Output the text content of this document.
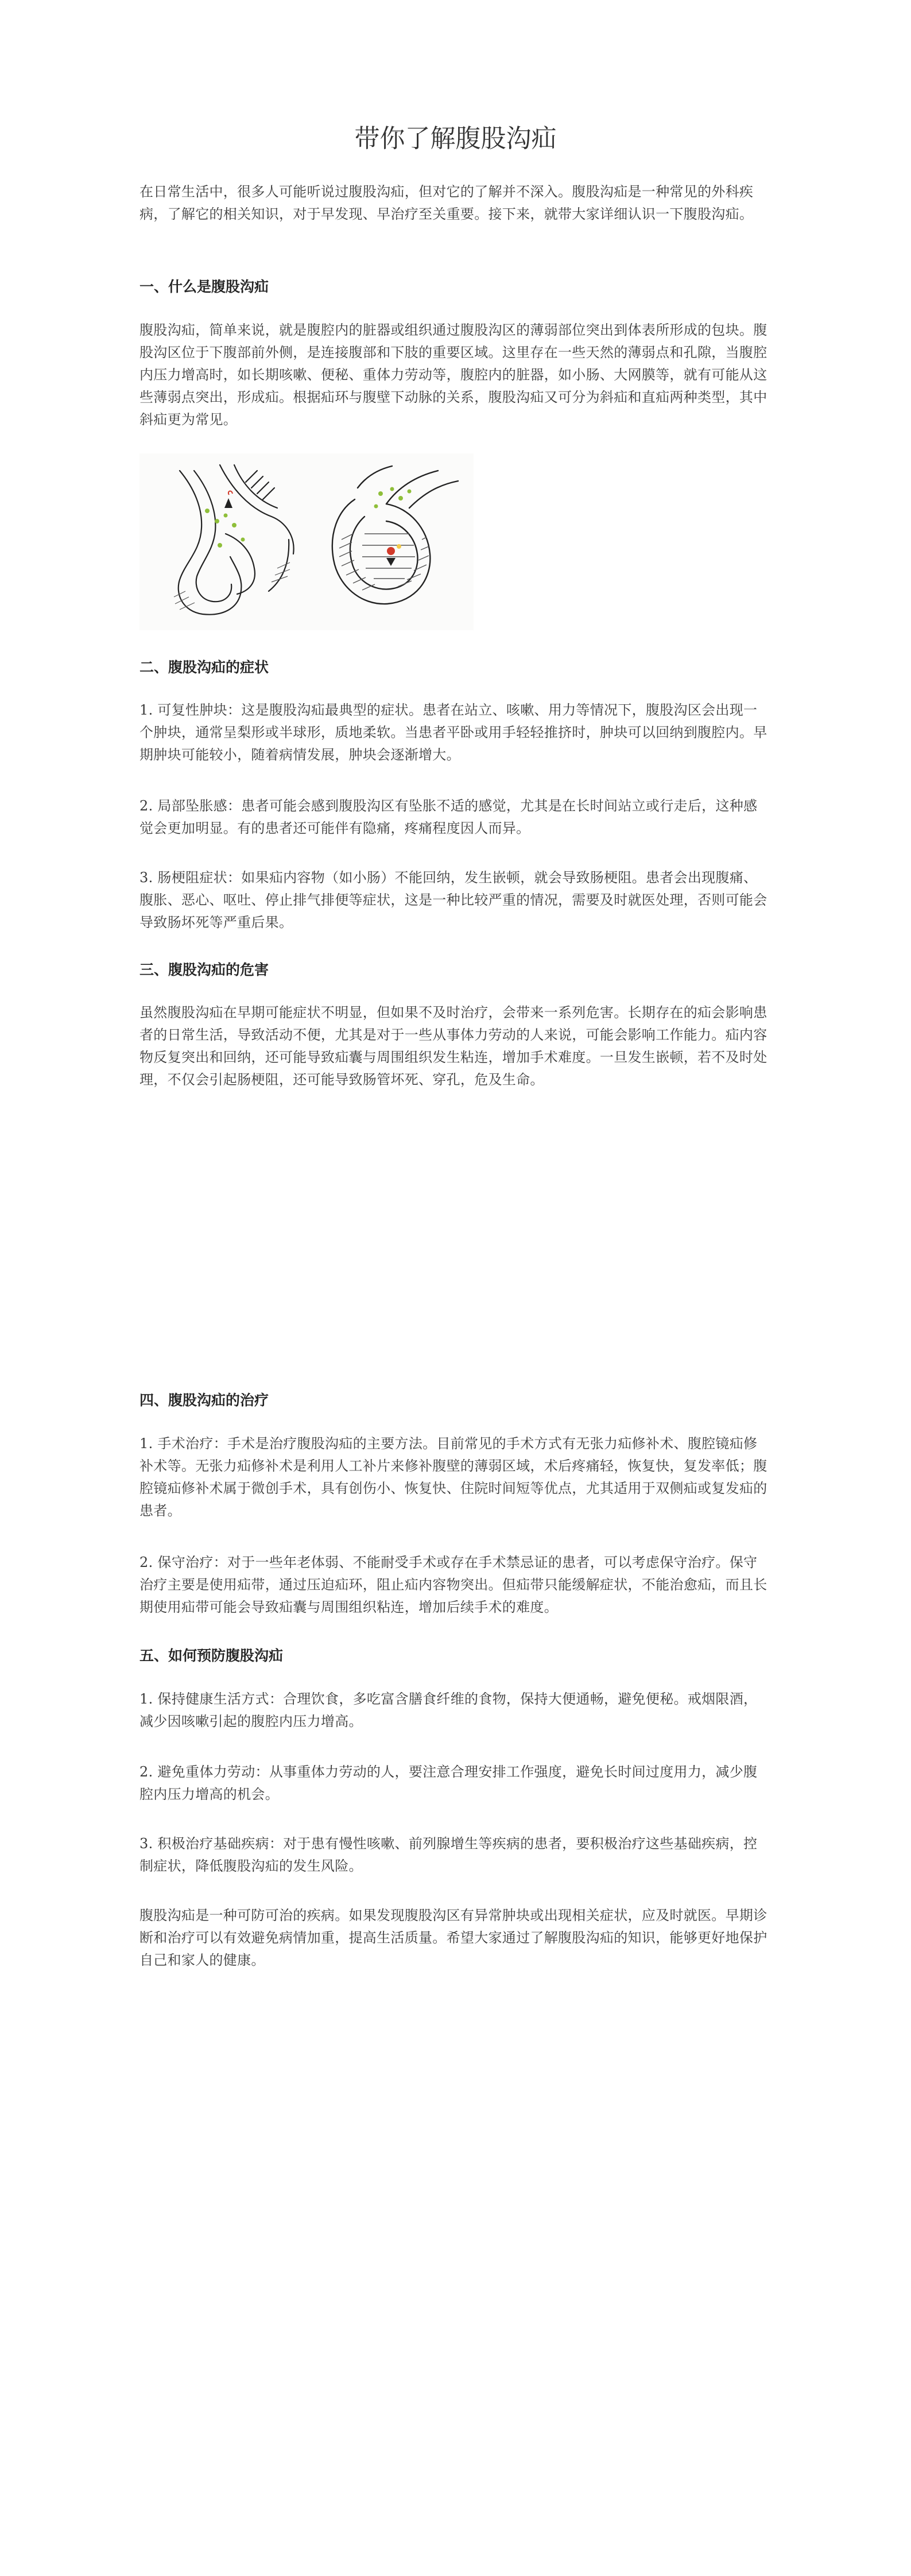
带你了解腹股沟疝

在日常生活中，很多人可能听说过腹股沟疝，但对它的了解并不深入。腹股沟疝是一种常见的外科疾病，了解它的相关知识，对于早发现、早治疗至关重要。接下来，就带大家详细认识一下腹股沟疝。

一、什么是腹股沟疝

腹股沟疝，简单来说，就是腹腔内的脏器或组织通过腹股沟区的薄弱部位突出到体表所形成的包块。腹股沟区位于下腹部前外侧，是连接腹部和下肢的重要区域。这里存在一些天然的薄弱点和孔隙，当腹腔内压力增高时，如长期咳嗽、便秘、重体力劳动等，腹腔内的脏器，如小肠、大网膜等，就有可能从这些薄弱点突出，形成疝。根据疝环与腹壁下动脉的关系，腹股沟疝又可分为斜疝和直疝两种类型，其中斜疝更为常见。

二、腹股沟疝的症状

1. 可复性肿块：这是腹股沟疝最典型的症状。患者在站立、咳嗽、用力等情况下，腹股沟区会出现一个肿块，通常呈梨形或半球形，质地柔软。当患者平卧或用手轻轻推挤时，肿块可以回纳到腹腔内。早期肿块可能较小，随着病情发展，肿块会逐渐增大。

2. 局部坠胀感：患者可能会感到腹股沟区有坠胀不适的感觉，尤其是在长时间站立或行走后，这种感觉会更加明显。有的患者还可能伴有隐痛，疼痛程度因人而异。

3. 肠梗阻症状：如果疝内容物（如小肠）不能回纳，发生嵌顿，就会导致肠梗阻。患者会出现腹痛、腹胀、恶心、呕吐、停止排气排便等症状，这是一种比较严重的情况，需要及时就医处理，否则可能会导致肠坏死等严重后果。

三、腹股沟疝的危害

虽然腹股沟疝在早期可能症状不明显，但如果不及时治疗，会带来一系列危害。长期存在的疝会影响患者的日常生活，导致活动不便，尤其是对于一些从事体力劳动的人来说，可能会影响工作能力。疝内容物反复突出和回纳，还可能导致疝囊与周围组织发生粘连，增加手术难度。一旦发生嵌顿，若不及时处理，不仅会引起肠梗阻，还可能导致肠管坏死、穿孔，危及生命。

四、腹股沟疝的治疗

1. 手术治疗：手术是治疗腹股沟疝的主要方法。目前常见的手术方式有无张力疝修补术、腹腔镜疝修补术等。无张力疝修补术是利用人工补片来修补腹壁的薄弱区域，术后疼痛轻，恢复快，复发率低；腹腔镜疝修补术属于微创手术，具有创伤小、恢复快、住院时间短等优点，尤其适用于双侧疝或复发疝的患者。

2. 保守治疗：对于一些年老体弱、不能耐受手术或存在手术禁忌证的患者，可以考虑保守治疗。保守治疗主要是使用疝带，通过压迫疝环，阻止疝内容物突出。但疝带只能缓解症状，不能治愈疝，而且长期使用疝带可能会导致疝囊与周围组织粘连，增加后续手术的难度。

五、如何预防腹股沟疝

1. 保持健康生活方式：合理饮食，多吃富含膳食纤维的食物，保持大便通畅，避免便秘。戒烟限酒，减少因咳嗽引起的腹腔内压力增高。

2. 避免重体力劳动：从事重体力劳动的人，要注意合理安排工作强度，避免长时间过度用力，减少腹腔内压力增高的机会。

3. 积极治疗基础疾病：对于患有慢性咳嗽、前列腺增生等疾病的患者，要积极治疗这些基础疾病，控制症状，降低腹股沟疝的发生风险。

腹股沟疝是一种可防可治的疾病。如果发现腹股沟区有异常肿块或出现相关症状，应及时就医。早期诊断和治疗可以有效避免病情加重，提高生活质量。希望大家通过了解腹股沟疝的知识，能够更好地保护自己和家人的健康。
